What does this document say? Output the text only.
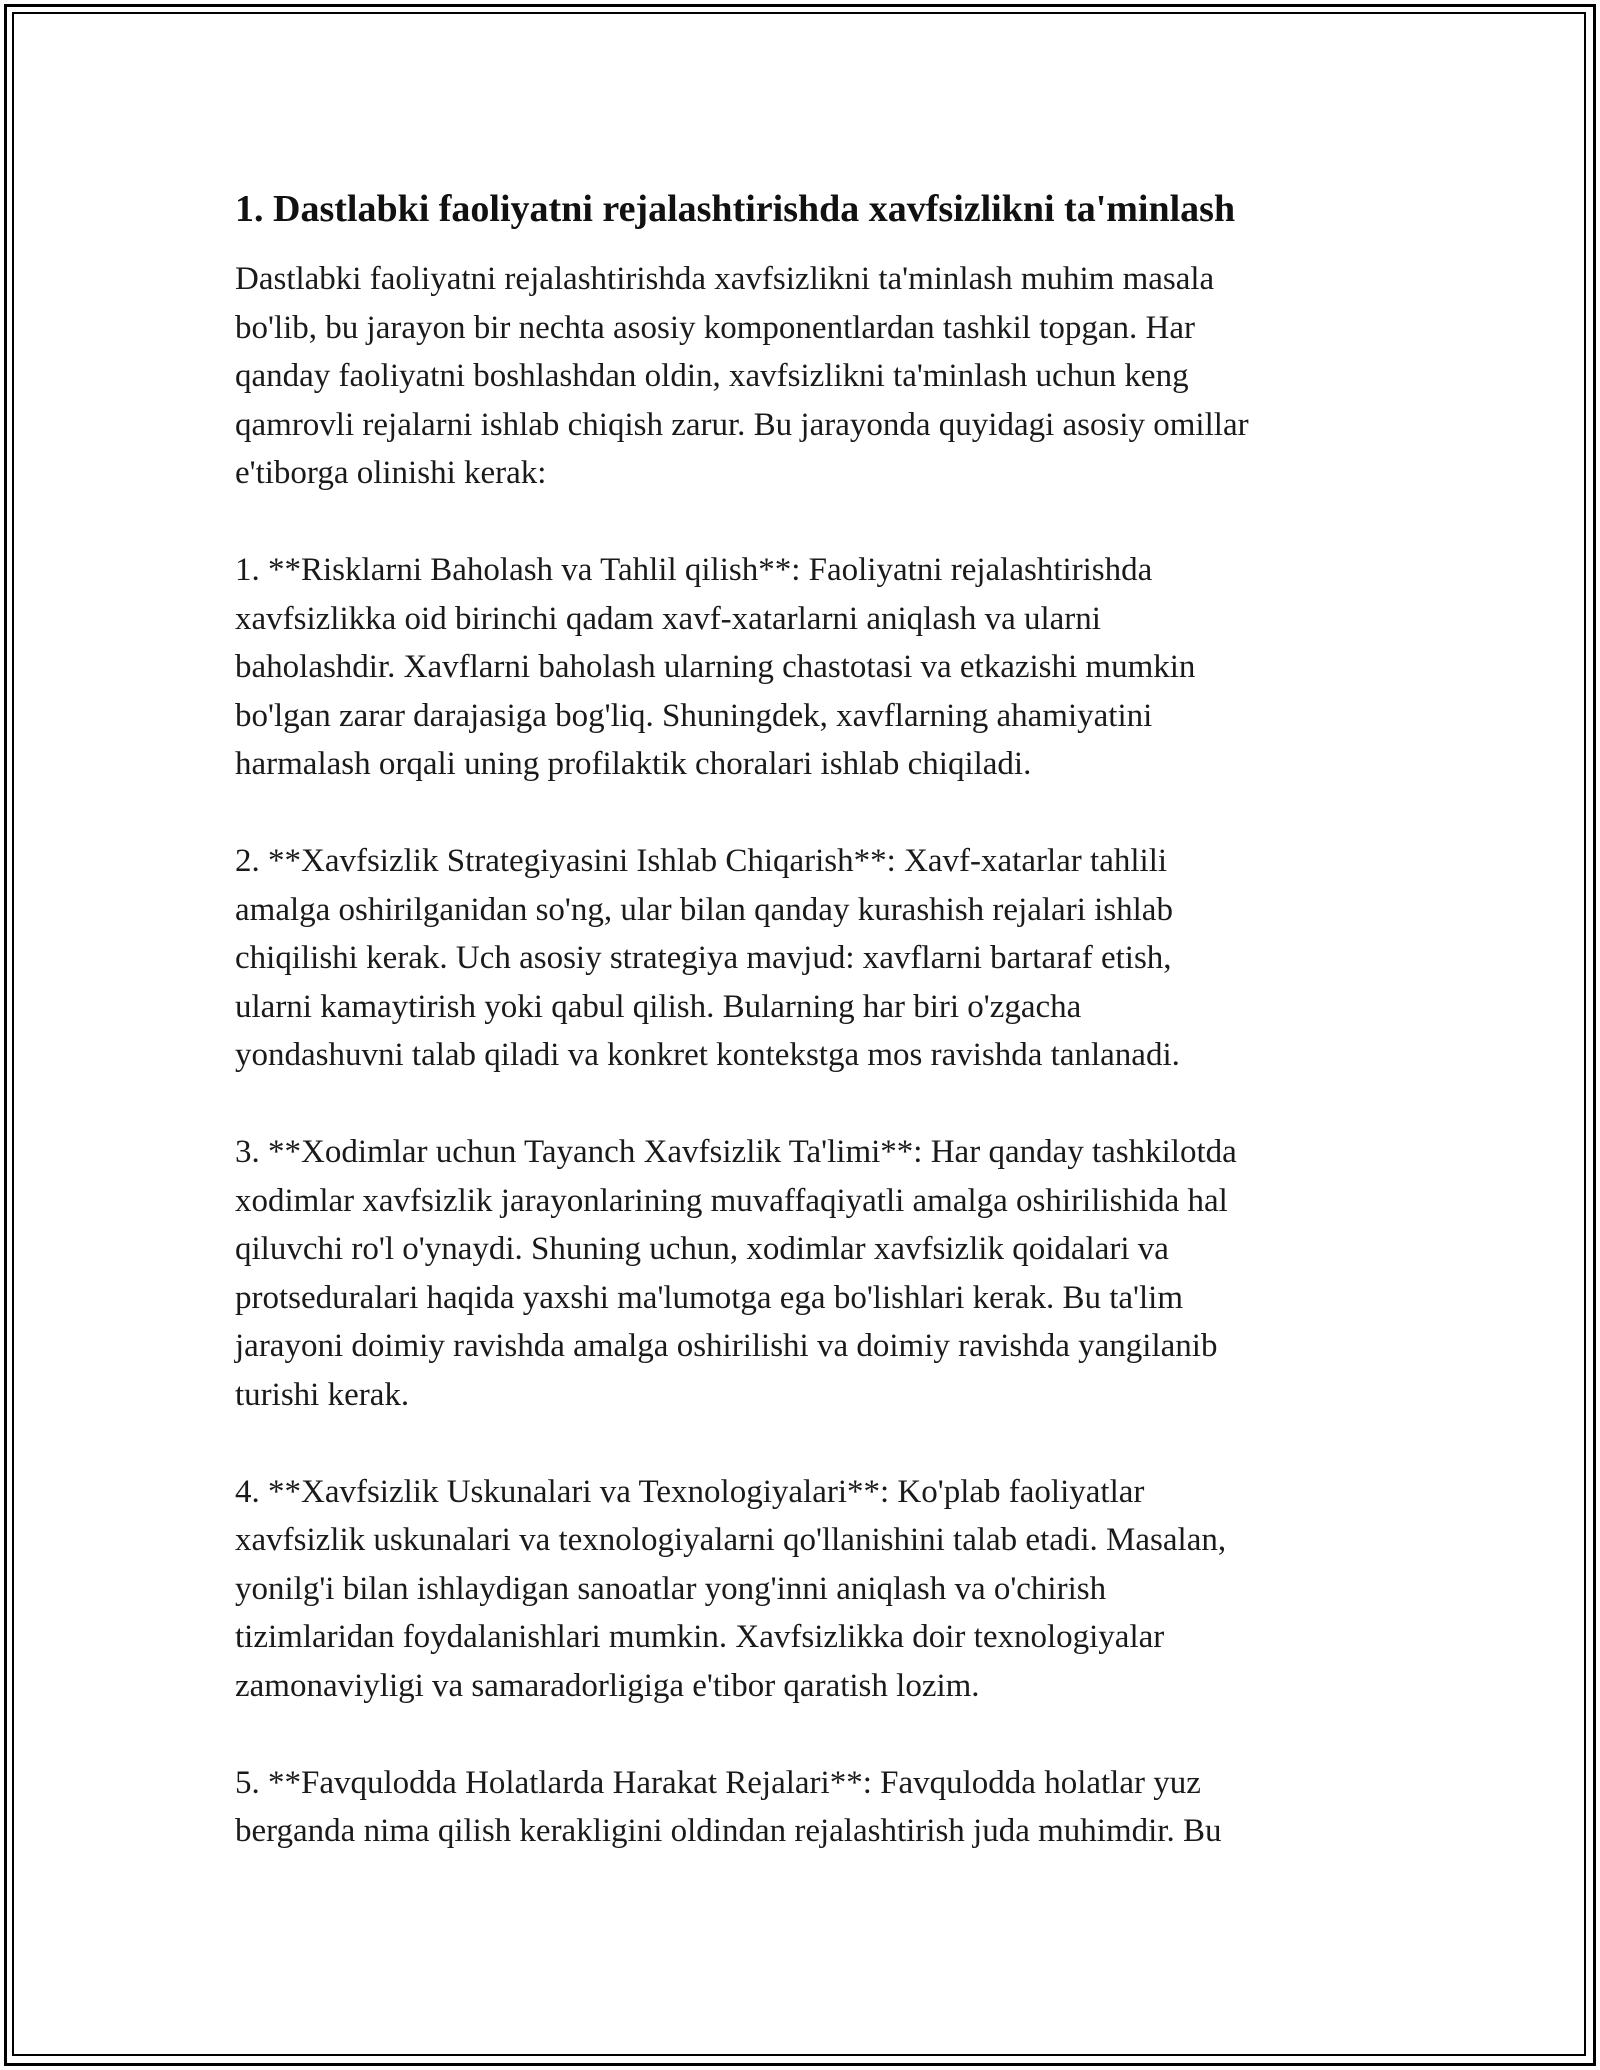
1. Dastlabki faoliyatni rejalashtirishda xavfsizlikni ta'minlash

Dastlabki faoliyatni rejalashtirishda xavfsizlikni ta'minlash muhim masala
bo'lib, bu jarayon bir nechta asosiy komponentlardan tashkil topgan. Har
qanday faoliyatni boshlashdan oldin, xavfsizlikni ta'minlash uchun keng
qamrovli rejalarni ishlab chiqish zarur. Bu jarayonda quyidagi asosiy omillar
e'tiborga olinishi kerak:

1. **Risklarni Baholash va Tahlil qilish**: Faoliyatni rejalashtirishda
xavfsizlikka oid birinchi qadam xavf-xatarlarni aniqlash va ularni
baholashdir. Xavflarni baholash ularning chastotasi va etkazishi mumkin
bo'lgan zarar darajasiga bog'liq. Shuningdek, xavflarning ahamiyatini
harmalash orqali uning profilaktik choralari ishlab chiqiladi.

2. **Xavfsizlik Strategiyasini Ishlab Chiqarish**: Xavf-xatarlar tahlili
amalga oshirilganidan so'ng, ular bilan qanday kurashish rejalari ishlab
chiqilishi kerak. Uch asosiy strategiya mavjud: xavflarni bartaraf etish,
ularni kamaytirish yoki qabul qilish. Bularning har biri o'zgacha
yondashuvni talab qiladi va konkret kontekstga mos ravishda tanlanadi.

3. **Xodimlar uchun Tayanch Xavfsizlik Ta'limi**: Har qanday tashkilotda
xodimlar xavfsizlik jarayonlarining muvaffaqiyatli amalga oshirilishida hal
qiluvchi ro'l o'ynaydi. Shuning uchun, xodimlar xavfsizlik qoidalari va
protseduralari haqida yaxshi ma'lumotga ega bo'lishlari kerak. Bu ta'lim
jarayoni doimiy ravishda amalga oshirilishi va doimiy ravishda yangilanib
turishi kerak.

4. **Xavfsizlik Uskunalari va Texnologiyalari**: Ko'plab faoliyatlar
xavfsizlik uskunalari va texnologiyalarni qo'llanishini talab etadi. Masalan,
yonilg'i bilan ishlaydigan sanoatlar yong'inni aniqlash va o'chirish
tizimlaridan foydalanishlari mumkin. Xavfsizlikka doir texnologiyalar
zamonaviyligi va samaradorligiga e'tibor qaratish lozim.

5. **Favqulodda Holatlarda Harakat Rejalari**: Favqulodda holatlar yuz
berganda nima qilish kerakligini oldindan rejalashtirish juda muhimdir. Bu
